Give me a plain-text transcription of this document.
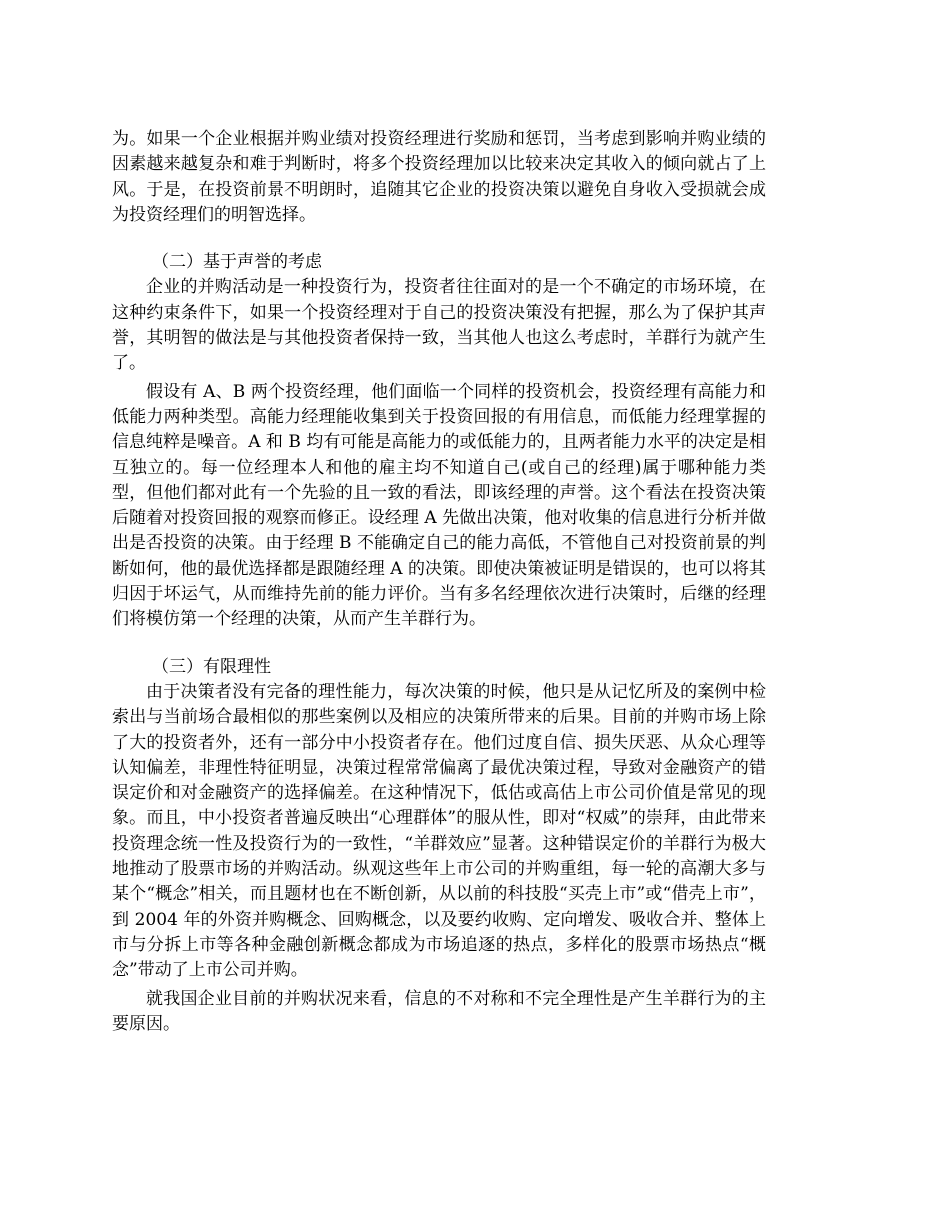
为。如果一个企业根据并购业绩对投资经理进行奖励和惩罚，当考虑到影响并购业绩的因素越来越复杂和难于判断时，将多个投资经理加以比较来决定其收入的倾向就占了上风。于是，在投资前景不明朗时，追随其它企业的投资决策以避免自身收入受损就会成为投资经理们的明智选择。

（二）基于声誉的考虑

企业的并购活动是一种投资行为，投资者往往面对的是一个不确定的市场环境，在这种约束条件下，如果一个投资经理对于自己的投资决策没有把握，那么为了保护其声誉，其明智的做法是与其他投资者保持一致，当其他人也这么考虑时，羊群行为就产生了。

假设有 A、B 两个投资经理，他们面临一个同样的投资机会，投资经理有高能力和低能力两种类型。高能力经理能收集到关于投资回报的有用信息，而低能力经理掌握的信息纯粹是噪音。A 和 B 均有可能是高能力的或低能力的，且两者能力水平的决定是相互独立的。每一位经理本人和他的雇主均不知道自己(或自己的经理)属于哪种能力类型，但他们都对此有一个先验的且一致的看法，即该经理的声誉。这个看法在投资决策后随着对投资回报的观察而修正。设经理 A 先做出决策，他对收集的信息进行分析并做出是否投资的决策。由于经理 B 不能确定自己的能力高低，不管他自己对投资前景的判断如何，他的最优选择都是跟随经理 A 的决策。即使决策被证明是错误的，也可以将其归因于坏运气，从而维持先前的能力评价。当有多名经理依次进行决策时，后继的经理们将模仿第一个经理的决策，从而产生羊群行为。

（三）有限理性

由于决策者没有完备的理性能力，每次决策的时候，他只是从记忆所及的案例中检索出与当前场合最相似的那些案例以及相应的决策所带来的后果。目前的并购市场上除了大的投资者外，还有一部分中小投资者存在。他们过度自信、损失厌恶、从众心理等认知偏差，非理性特征明显，决策过程常常偏离了最优决策过程，导致对金融资产的错误定价和对金融资产的选择偏差。在这种情况下，低估或高估上市公司价值是常见的现象。而且，中小投资者普遍反映出“心理群体”的服从性，即对“权威”的崇拜，由此带来投资理念统一性及投资行为的一致性，“羊群效应”显著。这种错误定价的羊群行为极大地推动了股票市场的并购活动。纵观这些年上市公司的并购重组，每一轮的高潮大多与某个“概念”相关，而且题材也在不断创新，从以前的科技股“买壳上市”或“借壳上市”，到 2004 年的外资并购概念、回购概念，以及要约收购、定向增发、吸收合并、整体上市与分拆上市等各种金融创新概念都成为市场追逐的热点，多样化的股票市场热点“概念”带动了上市公司并购。

就我国企业目前的并购状况来看，信息的不对称和不完全理性是产生羊群行为的主要原因。
